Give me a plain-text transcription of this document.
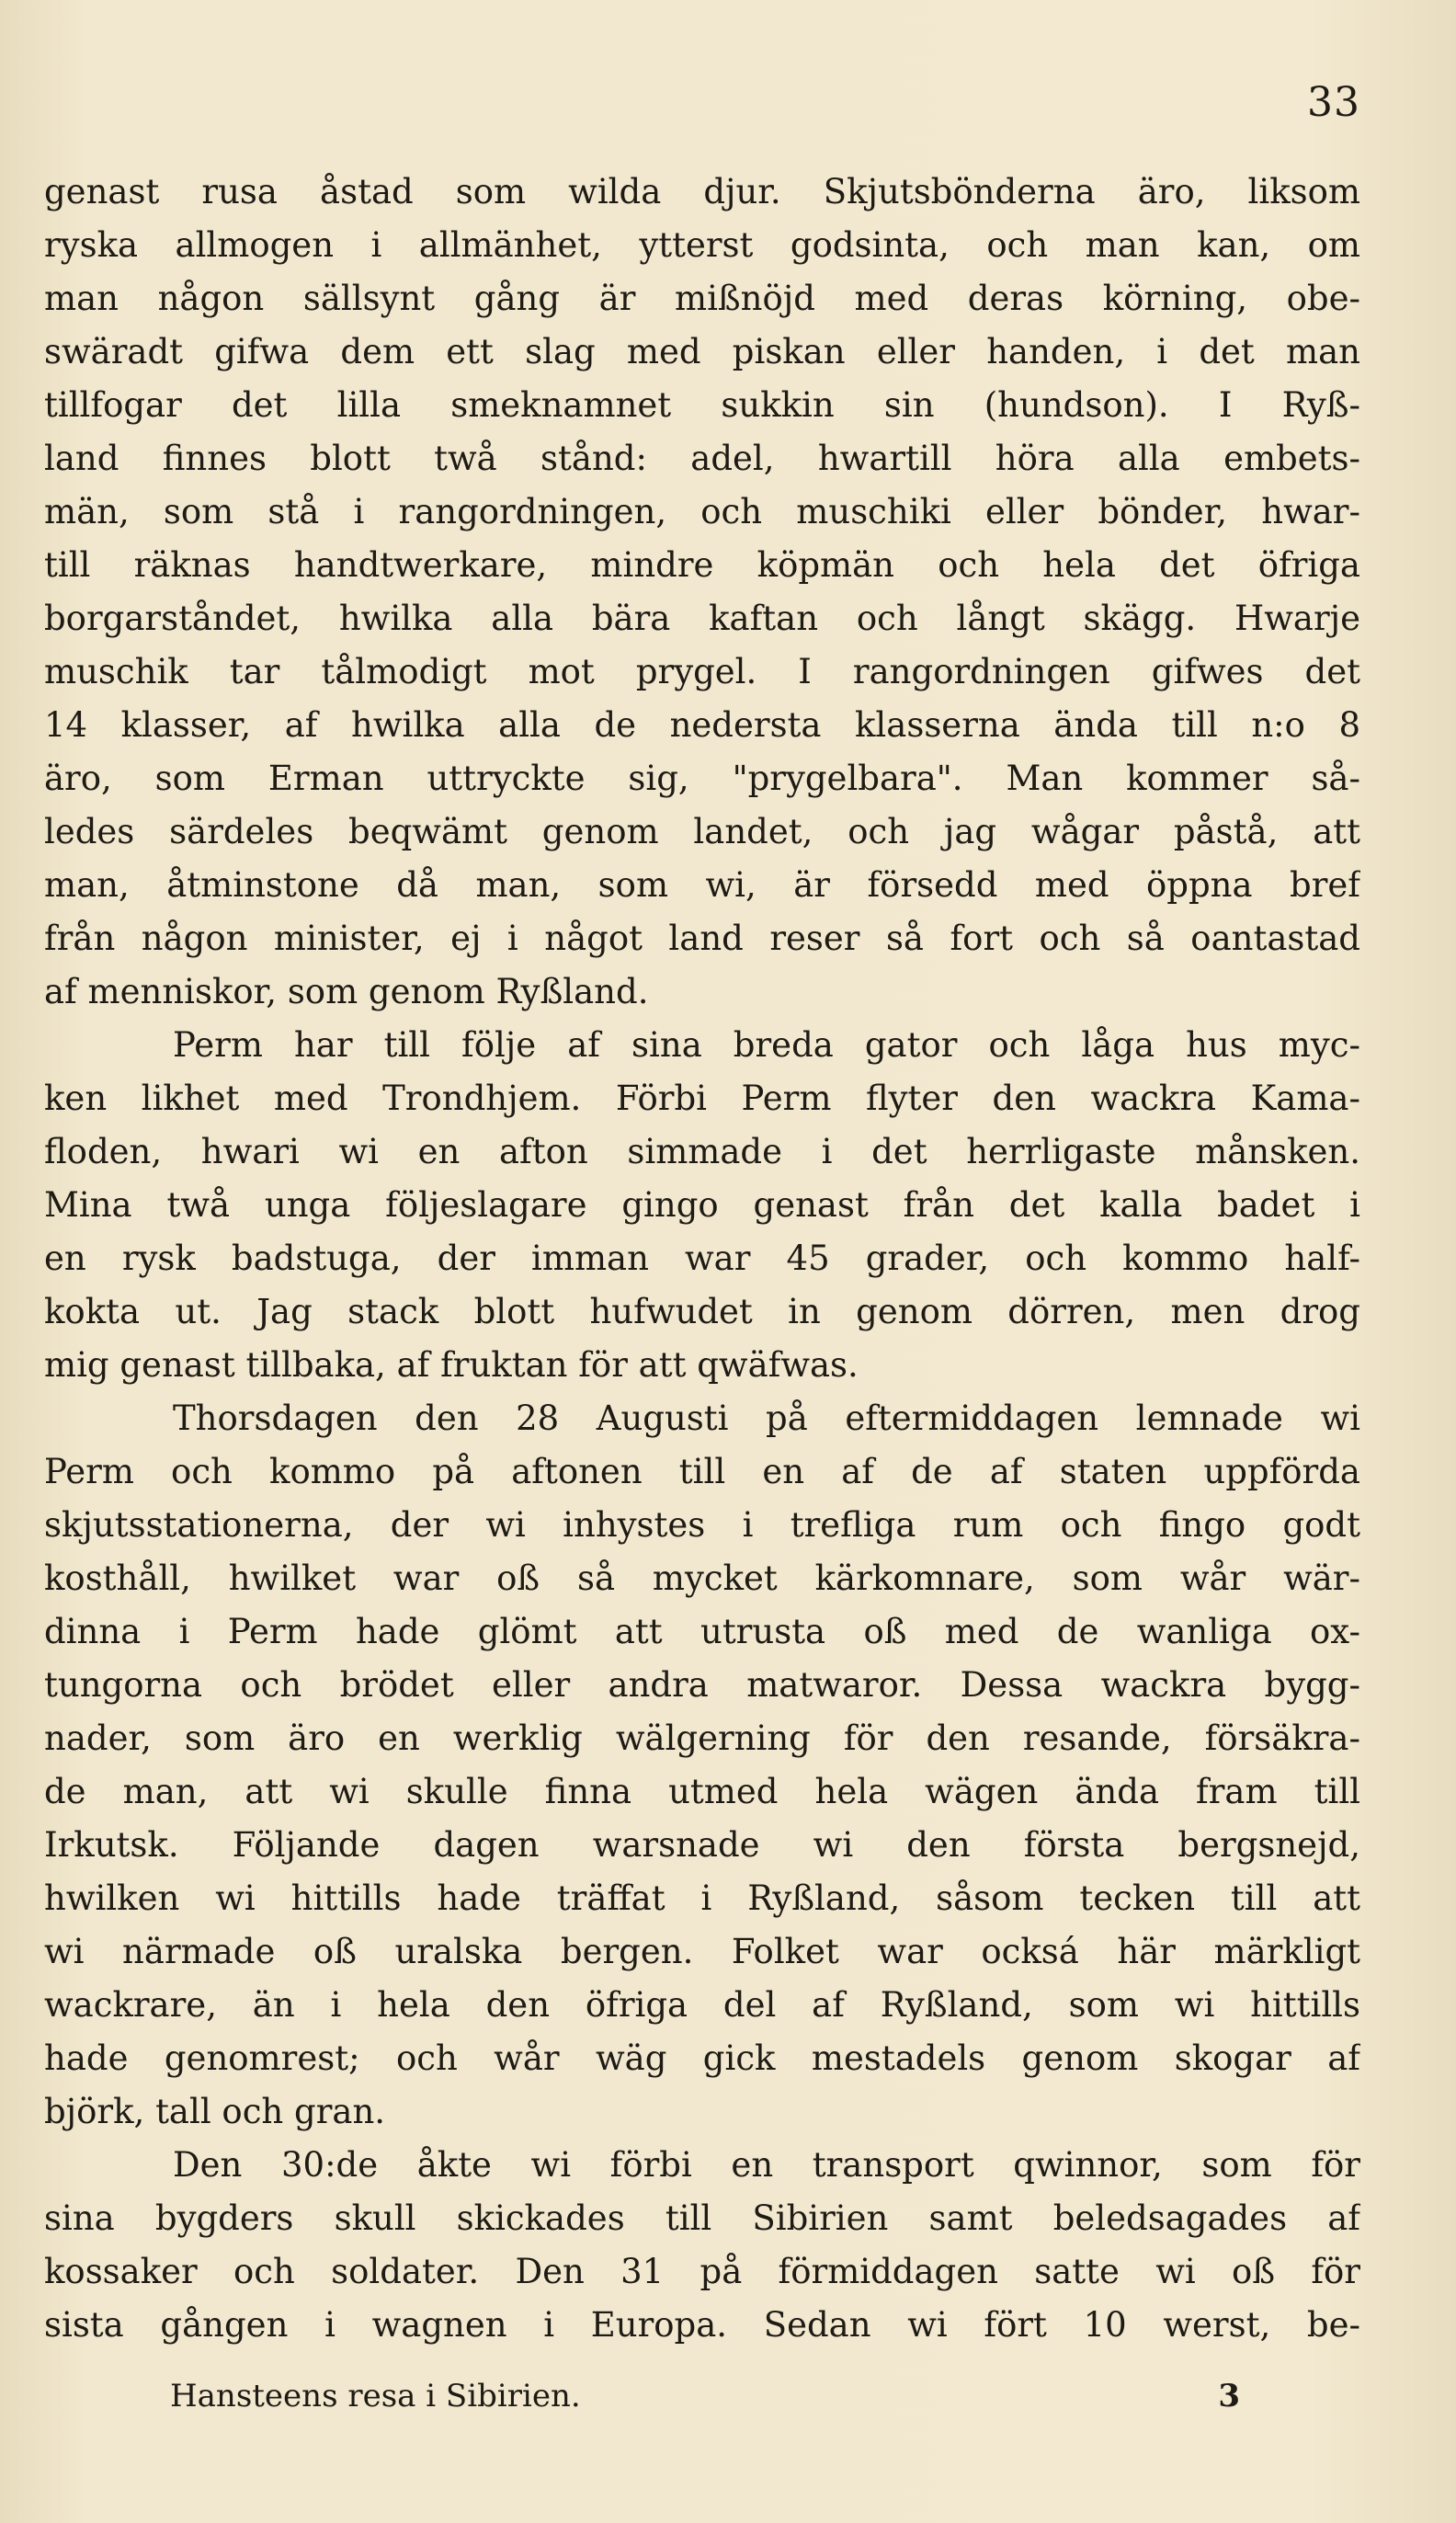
33
genast rusa åstad som wilda djur. Skjutsbönderna äro, liksom
ryska allmogen i allmänhet, ytterst godsinta, och man kan, om
man någon sällsynt gång är mißnöjd med deras körning, obe-
swäradt gifwa dem ett slag med piskan eller handen, i det man
tillfogar det lilla smeknamnet sukkin sin (hundson). I Ryß-
land finnes blott twå stånd: adel, hwartill höra alla embets-
män, som stå i rangordningen, och muschiki eller bönder, hwar-
till räknas handtwerkare, mindre köpmän och hela det öfriga
borgarståndet, hwilka alla bära kaftan och långt skägg. Hwarje
muschik tar tålmodigt mot prygel. I rangordningen gifwes det
14 klasser, af hwilka alla de nedersta klasserna ända till n:o 8
äro, som Erman uttryckte sig, "prygelbara". Man kommer så-
ledes särdeles beqwämt genom landet, och jag wågar påstå, att
man, åtminstone då man, som wi, är försedd med öppna bref
från någon minister, ej i något land reser så fort och så oantastad
af menniskor, som genom Ryßland.
Perm har till följe af sina breda gator och låga hus myc-
ken likhet med Trondhjem. Förbi Perm flyter den wackra Kama-
floden, hwari wi en afton simmade i det herrligaste månsken.
Mina twå unga följeslagare gingo genast från det kalla badet i
en rysk badstuga, der imman war 45 grader, och kommo half-
kokta ut. Jag stack blott hufwudet in genom dörren, men drog
mig genast tillbaka, af fruktan för att qwäfwas.
Thorsdagen den 28 Augusti på eftermiddagen lemnade wi
Perm och kommo på aftonen till en af de af staten uppförda
skjutsstationerna, der wi inhystes i trefliga rum och fingo godt
kosthåll, hwilket war oß så mycket kärkomnare, som wår wär-
dinna i Perm hade glömt att utrusta oß med de wanliga ox-
tungorna och brödet eller andra matwaror. Dessa wackra bygg-
nader, som äro en werklig wälgerning för den resande, försäkra-
de man, att wi skulle finna utmed hela wägen ända fram till
Irkutsk. Följande dagen warsnade wi den första bergsnejd,
hwilken wi hittills hade träffat i Ryßland, såsom tecken till att
wi närmade oß uralska bergen. Folket war ocksá här märkligt
wackrare, än i hela den öfriga del af Ryßland, som wi hittills
hade genomrest; och wår wäg gick mestadels genom skogar af
björk, tall och gran.
Den 30:de åkte wi förbi en transport qwinnor, som för
sina bygders skull skickades till Sibirien samt beledsagades af
kossaker och soldater. Den 31 på förmiddagen satte wi oß för
sista gången i wagnen i Europa. Sedan wi fört 10 werst, be-
Hansteens resa i Sibirien.	3
